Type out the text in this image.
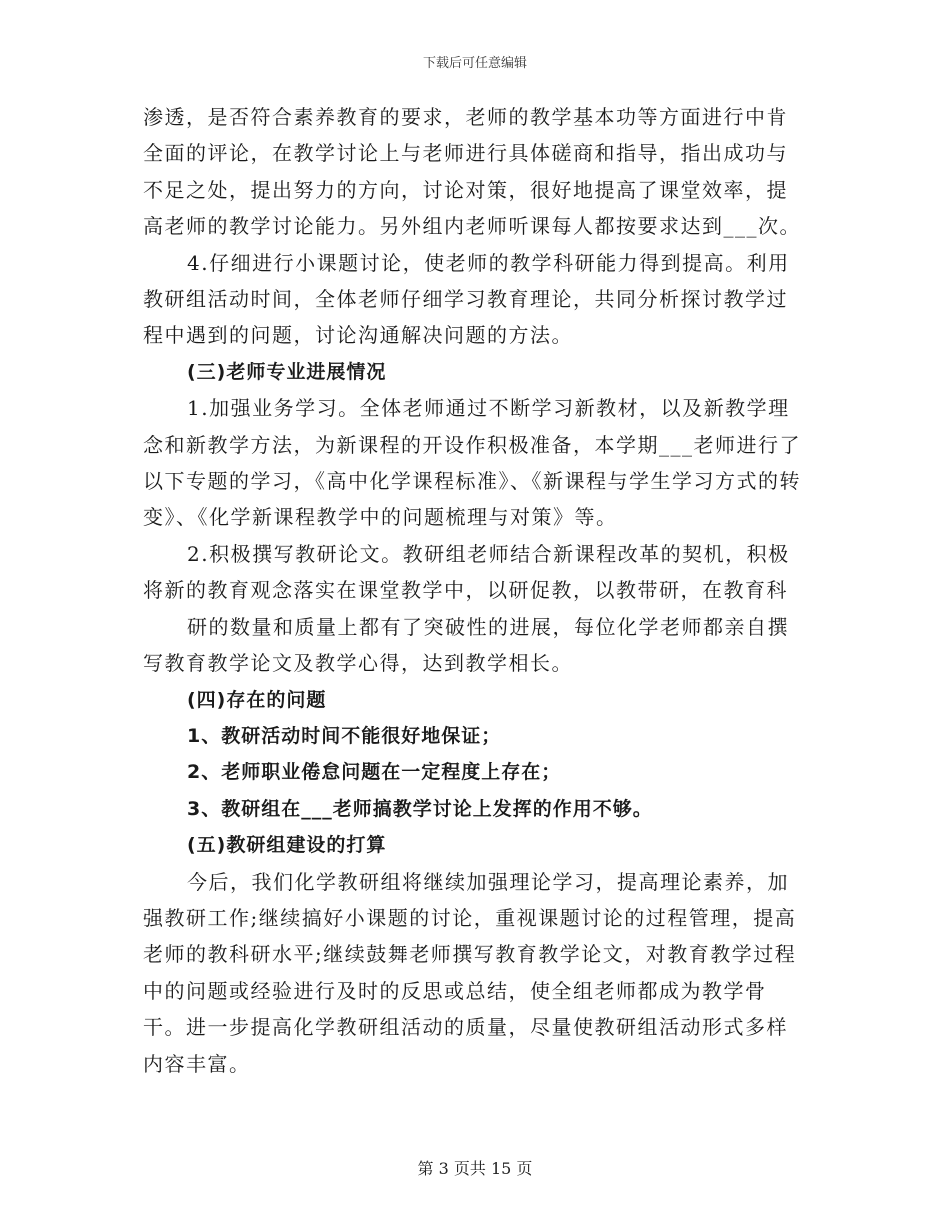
下载后可任意编辑

渗透，是否符合素养教育的要求，老师的教学基本功等方面进行中肯全面的评论，在教学讨论上与老师进行具体磋商和指导，指出成功与不足之处，提出努力的方向，讨论对策，很好地提高了课堂效率，提高老师的教学讨论能力。另外组内老师听课每人都按要求达到___次。

4.仔细进行小课题讨论，使老师的教学科研能力得到提高。利用教研组活动时间，全体老师仔细学习教育理论，共同分析探讨教学过程中遇到的问题，讨论沟通解决问题的方法。

(三)老师专业进展情况

1.加强业务学习。全体老师通过不断学习新教材，以及新教学理念和新教学方法，为新课程的开设作积极准备，本学期___老师进行了以下专题的学习，《高中化学课程标准》、《新课程与学生学习方式的转变》、《化学新课程教学中的问题梳理与对策》等。

2.积极撰写教研论文。教研组老师结合新课程改革的契机，积极将新的教育观念落实在课堂教学中，以研促教，以教带研，在教育科

研的数量和质量上都有了突破性的进展，每位化学老师都亲自撰写教育教学论文及教学心得，达到教学相长。

(四)存在的问题

1、教研活动时间不能很好地保证；

2、老师职业倦怠问题在一定程度上存在；

3、教研组在___老师搞教学讨论上发挥的作用不够。

(五)教研组建设的打算

今后，我们化学教研组将继续加强理论学习，提高理论素养，加强教研工作;继续搞好小课题的讨论，重视课题讨论的过程管理，提高老师的教科研水平;继续鼓舞老师撰写教育教学论文，对教育教学过程中的问题或经验进行及时的反思或总结，使全组老师都成为教学骨干。进一步提高化学教研组活动的质量，尽量使教研组活动形式多样内容丰富。

第 3 页共 15 页
